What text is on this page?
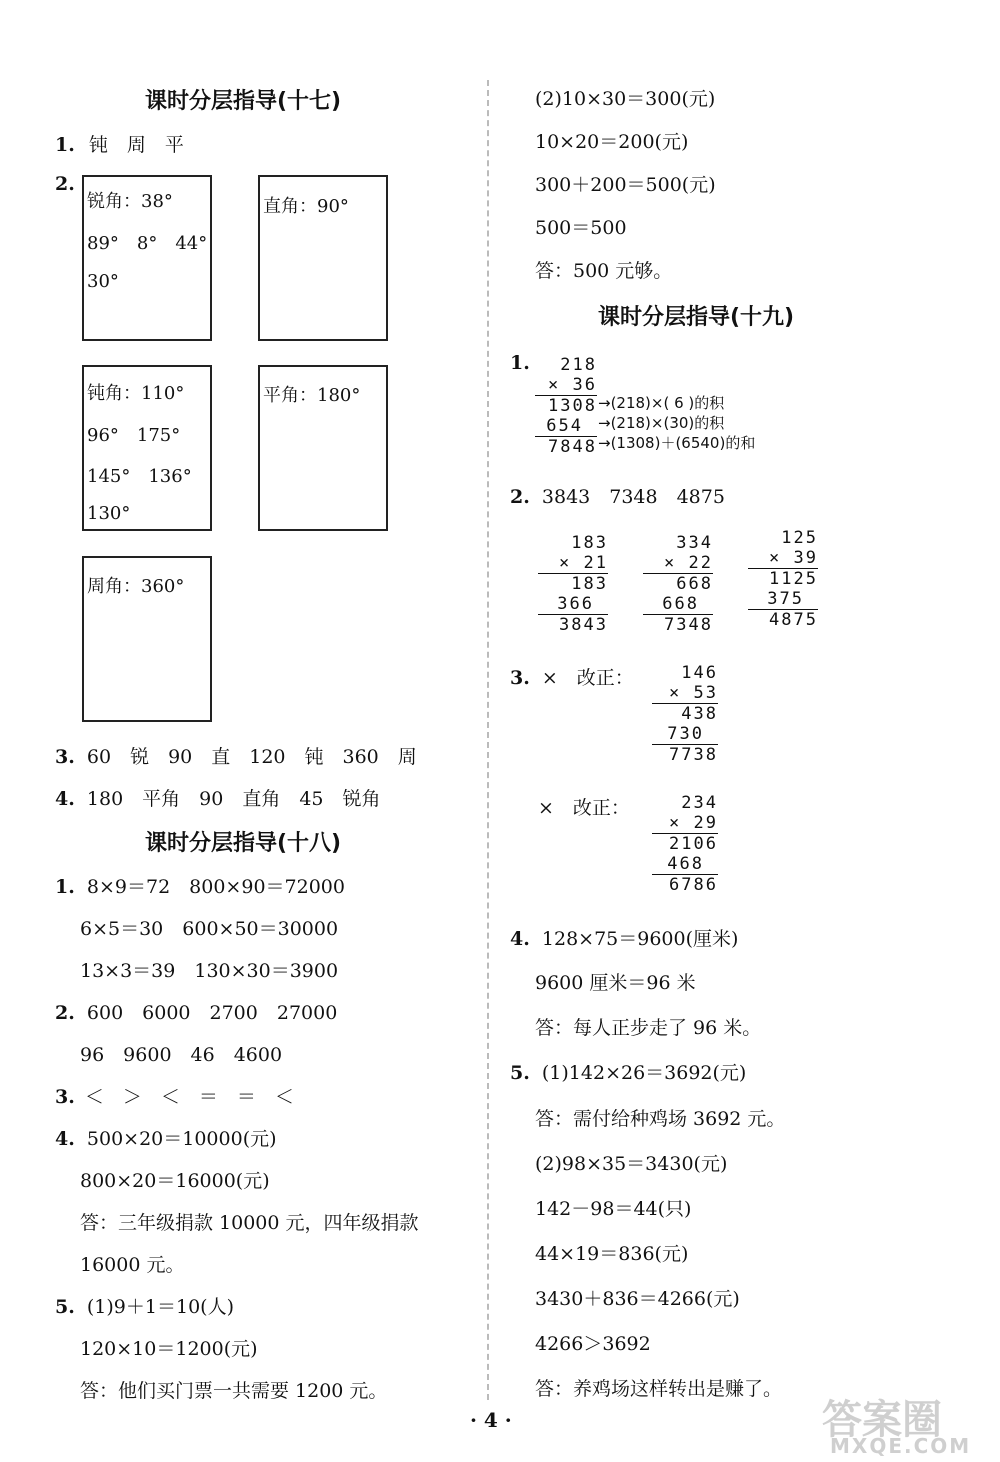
课时分层指导(十七)
1. 钝　周　平
2.
锐角：38°
89°　8°　44°
30°
直角：90°
钝角：110°
96°　175°
145°　136°
130°
平角：180°
周角：360°
3. 60　锐　90　直　120　钝　360　周
4. 180　平角　90　直角　45　锐角
课时分层指导(十八)
1. 8×9＝72　800×90＝72000
6×5＝30　600×50＝30000
13×3＝39　130×30＝3900
2. 600　6000　2700　27000
96　9600　46　4600
3. ＜　＞　＜　＝　＝　＜
4. 500×20＝10000(元)
800×20＝16000(元)
答：三年级捐款 10000 元，四年级捐款
16000 元。
5. (1)9＋1＝10(人)
120×10＝1200(元)
答：他们买门票一共需要 1200 元。
(2)10×30＝300(元)
10×20＝200(元)
300＋200＝500(元)
500＝500
答：500 元够。
课时分层指导(十九)
1.	218
× 36
1308
654
7848
→(218)×( 6 )的积
→(218)×(30)的积
→(1308)＋(6540)的和
2. 3843　7348　4875
183
× 21
183
366
3843
334
× 22
668
668
7348
125
× 39
1125
375
4875
3. ×　改正：	146
× 53
438
730
7738
×　改正：	234
× 29
2106
468
6786
4. 128×75＝9600(厘米)
9600 厘米＝96 米
答：每人正步走了 96 米。
5. (1)142×26＝3692(元)
答：需付给种鸡场 3692 元。
(2)98×35＝3430(元)
142－98＝44(只)
44×19＝836(元)
3430＋836＝4266(元)
4266＞3692
答：养鸡场这样转出是赚了。
· 4 ·	答案圈
MXQE.COM
